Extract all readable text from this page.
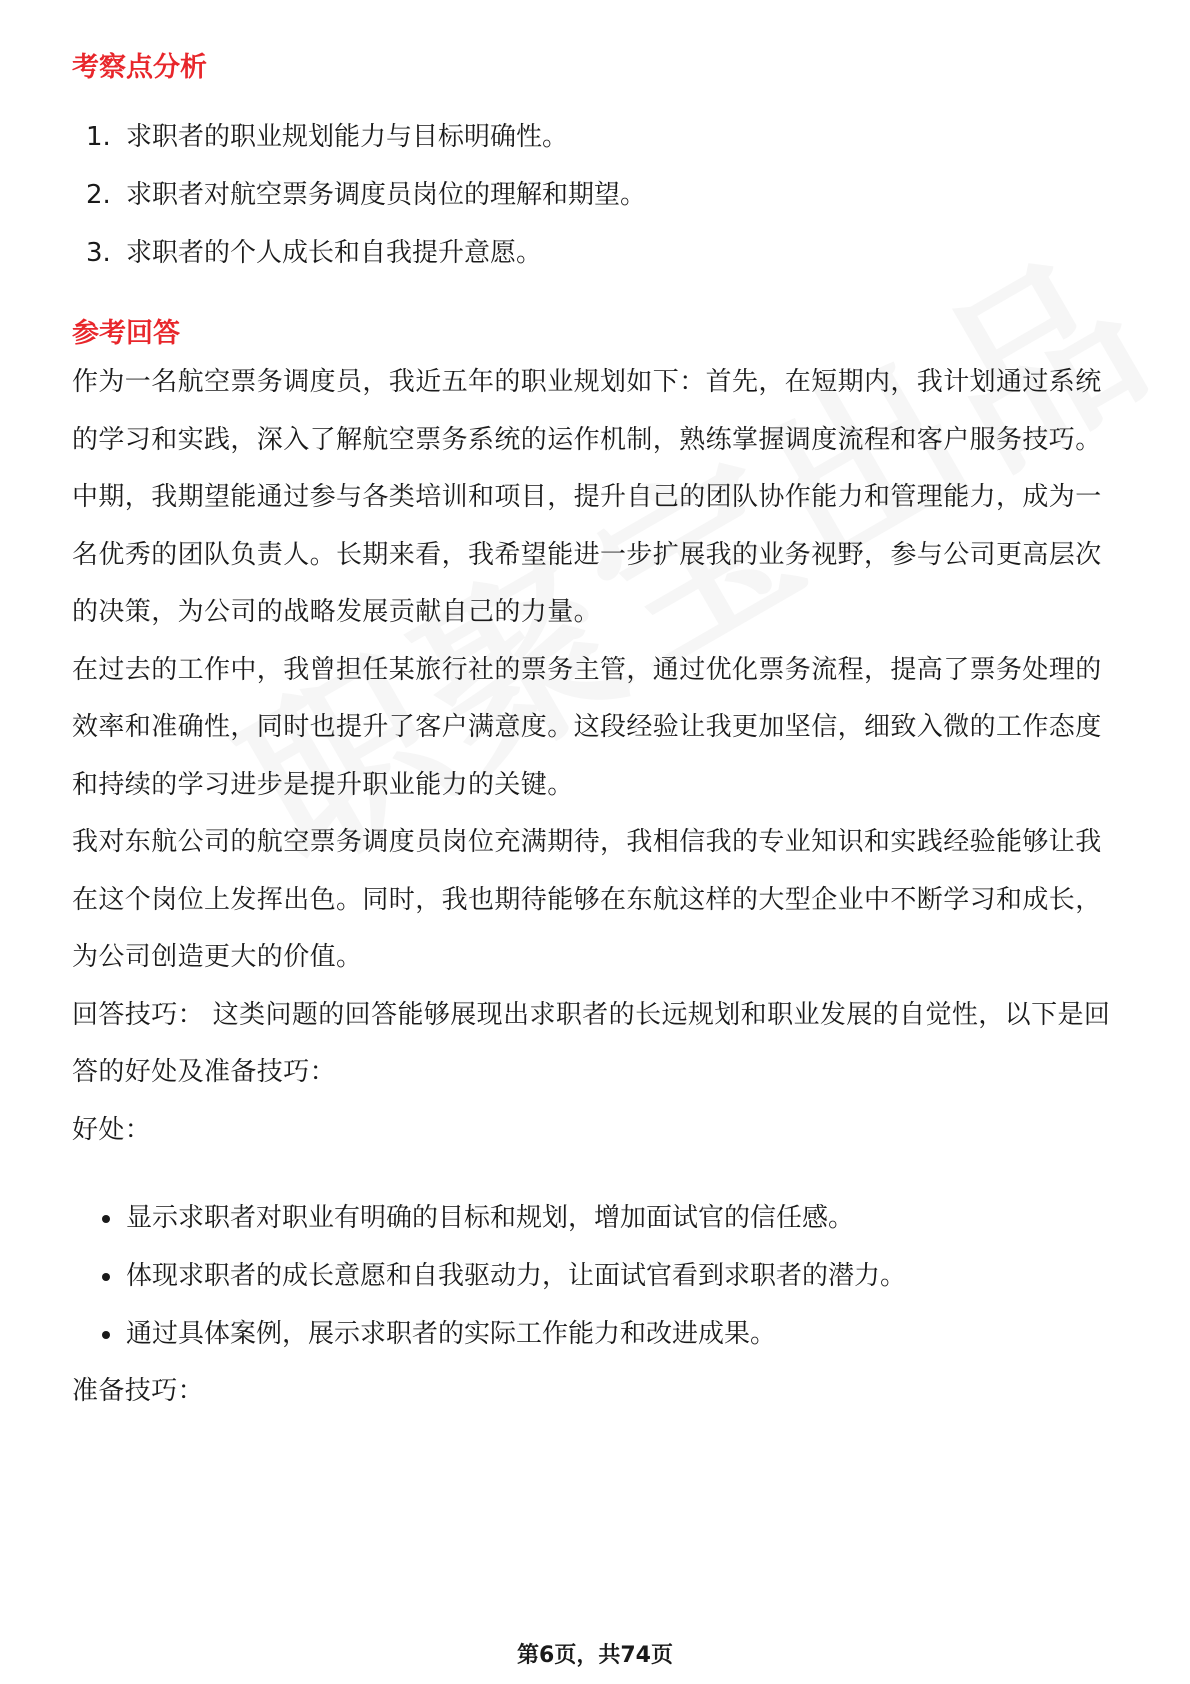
考察点分析
1. 求职者的职业规划能力与目标明确性。
2. 求职者对航空票务调度员岗位的理解和期望。
3. 求职者的个人成长和自我提升意愿。
参考回答

作为一名航空票务调度员，我近五年的职业规划如下：首先，在短期内，我计划通过系统的学习和实践，深入了解航空票务系统的运作机制，熟练掌握调度流程和客户服务技巧。中期，我期望能通过参与各类培训和项目，提升自己的团队协作能力和管理能力，成为一名优秀的团队负责人。长期来看，我希望能进一步扩展我的业务视野，参与公司更高层次的决策，为公司的战略发展贡献自己的力量。

在过去的工作中，我曾担任某旅行社的票务主管，通过优化票务流程，提高了票务处理的效率和准确性，同时也提升了客户满意度。这段经验让我更加坚信，细致入微的工作态度和持续的学习进步是提升职业能力的关键。

我对东航公司的航空票务调度员岗位充满期待，我相信我的专业知识和实践经验能够让我在这个岗位上发挥出色。同时，我也期待能够在东航这样的大型企业中不断学习和成长，为公司创造更大的价值。

回答技巧： 这类问题的回答能够展现出求职者的长远规划和职业发展的自觉性，以下是回答的好处及准备技巧：

好处：

显示求职者对职业有明确的目标和规划，增加面试官的信任感。
体现求职者的成长意愿和自我驱动力，让面试官看到求职者的潜力。
通过具体案例，展示求职者的实际工作能力和改进成果。

准备技巧：

第6页，共74页
